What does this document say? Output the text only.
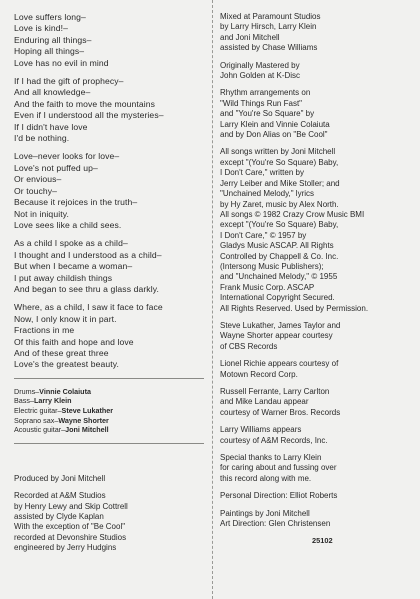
Love suffers long–
Love is kind!–
Enduring all things–
Hoping all things–
Love has no evil in mind
If I had the gift of prophecy–
And all knowledge–
And the faith to move the mountains
Even if I understood all the mysteries–
If I didn't have love
I'd be nothing.
Love–never looks for love–
Love's not puffed up–
Or envious–
Or touchy–
Because it rejoices in the truth–
Not in iniquity.
Love sees like a child sees.
As a child I spoke as a child–
I thought and I understood as a child–
But when I became a woman–
I put away childish things
And began to see thru a glass darkly.
Where, as a child, I saw it face to face
Now, I only know it in part.
Fractions in me
Of this faith and hope and love
And of these great three
Love's the greatest beauty.
Drums–Vinnie Colaiuta
Bass–Larry Klein
Electric guitar–Steve Lukather
Soprano sax–Wayne Shorter
Acoustic guitar–Joni Mitchell
Produced by Joni Mitchell
Recorded at A&M Studios
by Henry Lewy and Skip Cottrell
assisted by Clyde Kaplan
With the exception of "Be Cool"
recorded at Devonshire Studios
engineered by Jerry Hudgins
Mixed at Paramount Studios
by Larry Hirsch, Larry Klein
and Joni Mitchell
assisted by Chase Williams
Originally Mastered by
John Golden at K-Disc
Rhythm arrangements on
"Wild Things Run Fast"
and "You're So Square" by
Larry Klein and Vinnie Colaiuta
and by Don Alias on "Be Cool"
All songs written by Joni Mitchell
except "(You're So Square) Baby,
I Don't Care," written by
Jerry Leiber and Mike Stoller; and
"Unchained Melody," lyrics
by Hy Zaret, music by Alex North.
All songs © 1982 Crazy Crow Music BMI
except "(You're So Square) Baby,
I Don't Care," © 1957 by
Gladys Music ASCAP. All Rights
Controlled by Chappell & Co. Inc.
(Intersong Music Publishers);
and "Unchained Melody," © 1955
Frank Music Corp. ASCAP
International Copyright Secured.
All Rights Reserved. Used by Permission.
Steve Lukather, James Taylor and
Wayne Shorter appear courtesy
of CBS Records
Lionel Richie appears courtesy of
Motown Record Corp.
Russell Ferrante, Larry Carlton
and Mike Landau appear
courtesy of Warner Bros. Records
Larry Williams appears
courtesy of A&M Records, Inc.
Special thanks to Larry Klein
for caring about and fussing over
this record along with me.
Personal Direction: Elliot Roberts
Paintings by Joni Mitchell
Art Direction: Glen Christensen
25102
